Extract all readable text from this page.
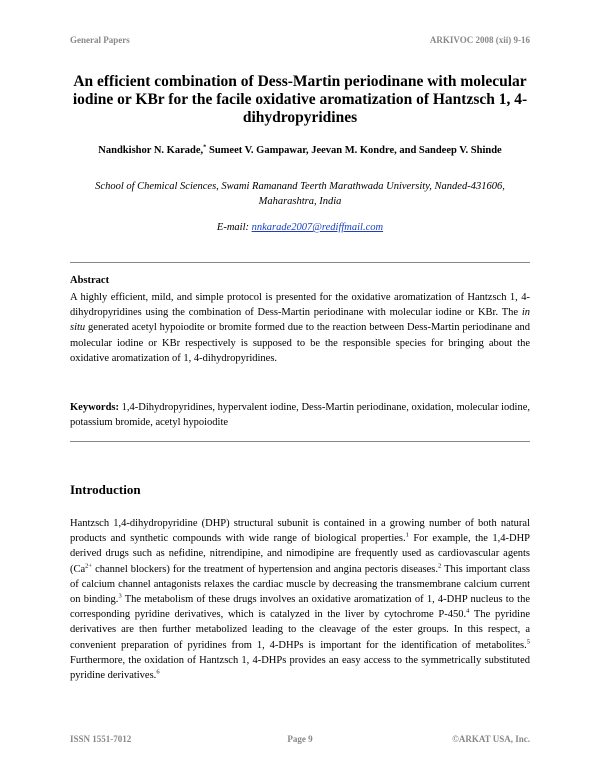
General Papers	ARKIVOC 2008 (xii) 9-16
An efficient combination of Dess-Martin periodinane with molecular iodine or KBr for the facile oxidative aromatization of Hantzsch 1, 4-dihydropyridines
Nandkishor N. Karade,* Sumeet V. Gampawar, Jeevan M. Kondre, and Sandeep V. Shinde
School of Chemical Sciences, Swami Ramanand Teerth Marathwada University, Nanded-431606, Maharashtra, India
E-mail: nnkarade2007@rediffmail.com
Abstract
A highly efficient, mild, and simple protocol is presented for the oxidative aromatization of Hantzsch 1, 4-dihydropyridines using the combination of Dess-Martin periodinane with molecular iodine or KBr. The in situ generated acetyl hypoiodite or bromite formed due to the reaction between Dess-Martin periodinane and molecular iodine or KBr respectively is supposed to be the responsible species for bringing about the oxidative aromatization of 1, 4-dihydropyridines.
Keywords: 1,4-Dihydropyridines, hypervalent iodine, Dess-Martin periodinane, oxidation, molecular iodine, potassium bromide, acetyl hypoiodite
Introduction
Hantzsch 1,4-dihydropyridine (DHP) structural subunit is contained in a growing number of both natural products and synthetic compounds with wide range of biological properties.$^1$ For example, the 1,4-DHP derived drugs such as nefidine, nitrendipine, and nimodipine are frequently used as cardiovascular agents ($Ca^{2+}$ channel blockers) for the treatment of hypertension and angina pectoris diseases.$^2$ This important class of calcium channel antagonists relaxes the cardiac muscle by decreasing the transmembrane calcium current on binding.$^3$ The metabolism of these drugs involves an oxidative aromatization of 1, 4-DHP nucleus to the corresponding pyridine derivatives, which is catalyzed in the liver by cytochrome P-450.$^4$ The pyridine derivatives are then further metabolized leading to the cleavage of the ester groups. In this respect, a convenient preparation of pyridines from 1, 4-DHPs is important for the identification of metabolites.$^5$ Furthermore, the oxidation of Hantzsch 1, 4-DHPs provides an easy access to the symmetrically substituted pyridine derivatives.$^6$
ISSN 1551-7012	Page 9	©ARKAT USA, Inc.
